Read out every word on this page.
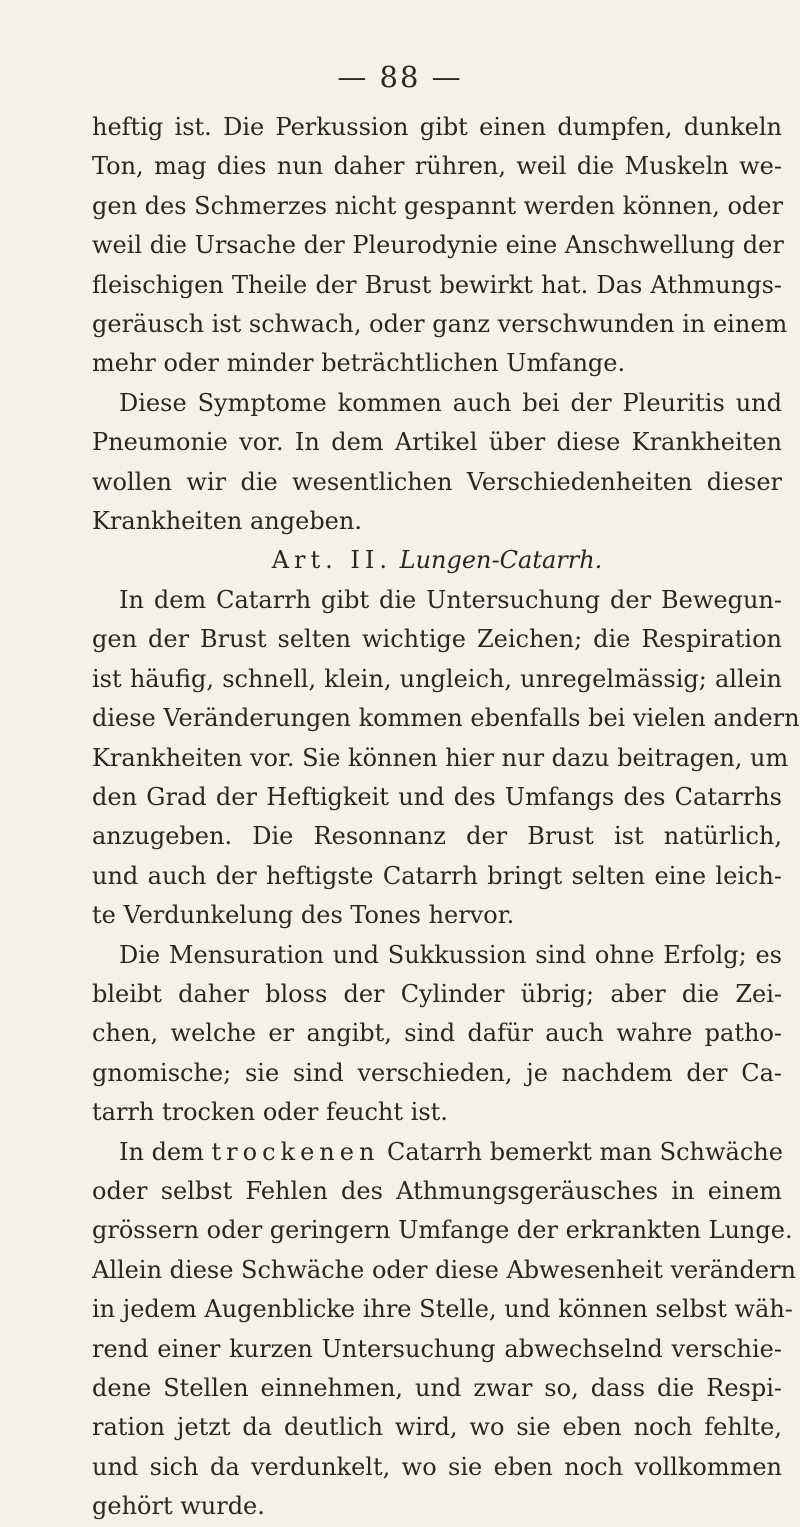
— 88 —
heftig ist. Die Perkussion gibt einen dumpfen, dunkeln
Ton, mag dies nun daher rühren, weil die Muskeln we-
gen des Schmerzes nicht gespannt werden können, oder
weil die Ursache der Pleurodynie eine Anschwellung der
fleischigen Theile der Brust bewirkt hat. Das Athmungs-
geräusch ist schwach, oder ganz verschwunden in einem
mehr oder minder beträchtlichen Umfange.
Diese Symptome kommen auch bei der Pleuritis und
Pneumonie vor. In dem Artikel über diese Krankheiten
wollen wir die wesentlichen Verschiedenheiten dieser
Krankheiten angeben.
Art. II. Lungen-Catarrh.
In dem Catarrh gibt die Untersuchung der Bewegun-
gen der Brust selten wichtige Zeichen; die Respiration
ist häufig, schnell, klein, ungleich, unregelmässig; allein
diese Veränderungen kommen ebenfalls bei vielen andern
Krankheiten vor. Sie können hier nur dazu beitragen, um
den Grad der Heftigkeit und des Umfangs des Catarrhs
anzugeben. Die Resonnanz der Brust ist natürlich,
und auch der heftigste Catarrh bringt selten eine leich-
te Verdunkelung des Tones hervor.
Die Mensuration und Sukkussion sind ohne Erfolg; es
bleibt daher bloss der Cylinder übrig; aber die Zei-
chen, welche er angibt, sind dafür auch wahre patho-
gnomische; sie sind verschieden, je nachdem der Ca-
tarrh trocken oder feucht ist.
In dem trockenen Catarrh bemerkt man Schwäche
oder selbst Fehlen des Athmungsgeräusches in einem
grössern oder geringern Umfange der erkrankten Lunge.
Allein diese Schwäche oder diese Abwesenheit verändern
in jedem Augenblicke ihre Stelle, und können selbst wäh-
rend einer kurzen Untersuchung abwechselnd verschie-
dene Stellen einnehmen, und zwar so, dass die Respi-
ration jetzt da deutlich wird, wo sie eben noch fehlte,
und sich da verdunkelt, wo sie eben noch vollkommen
gehört wurde.
